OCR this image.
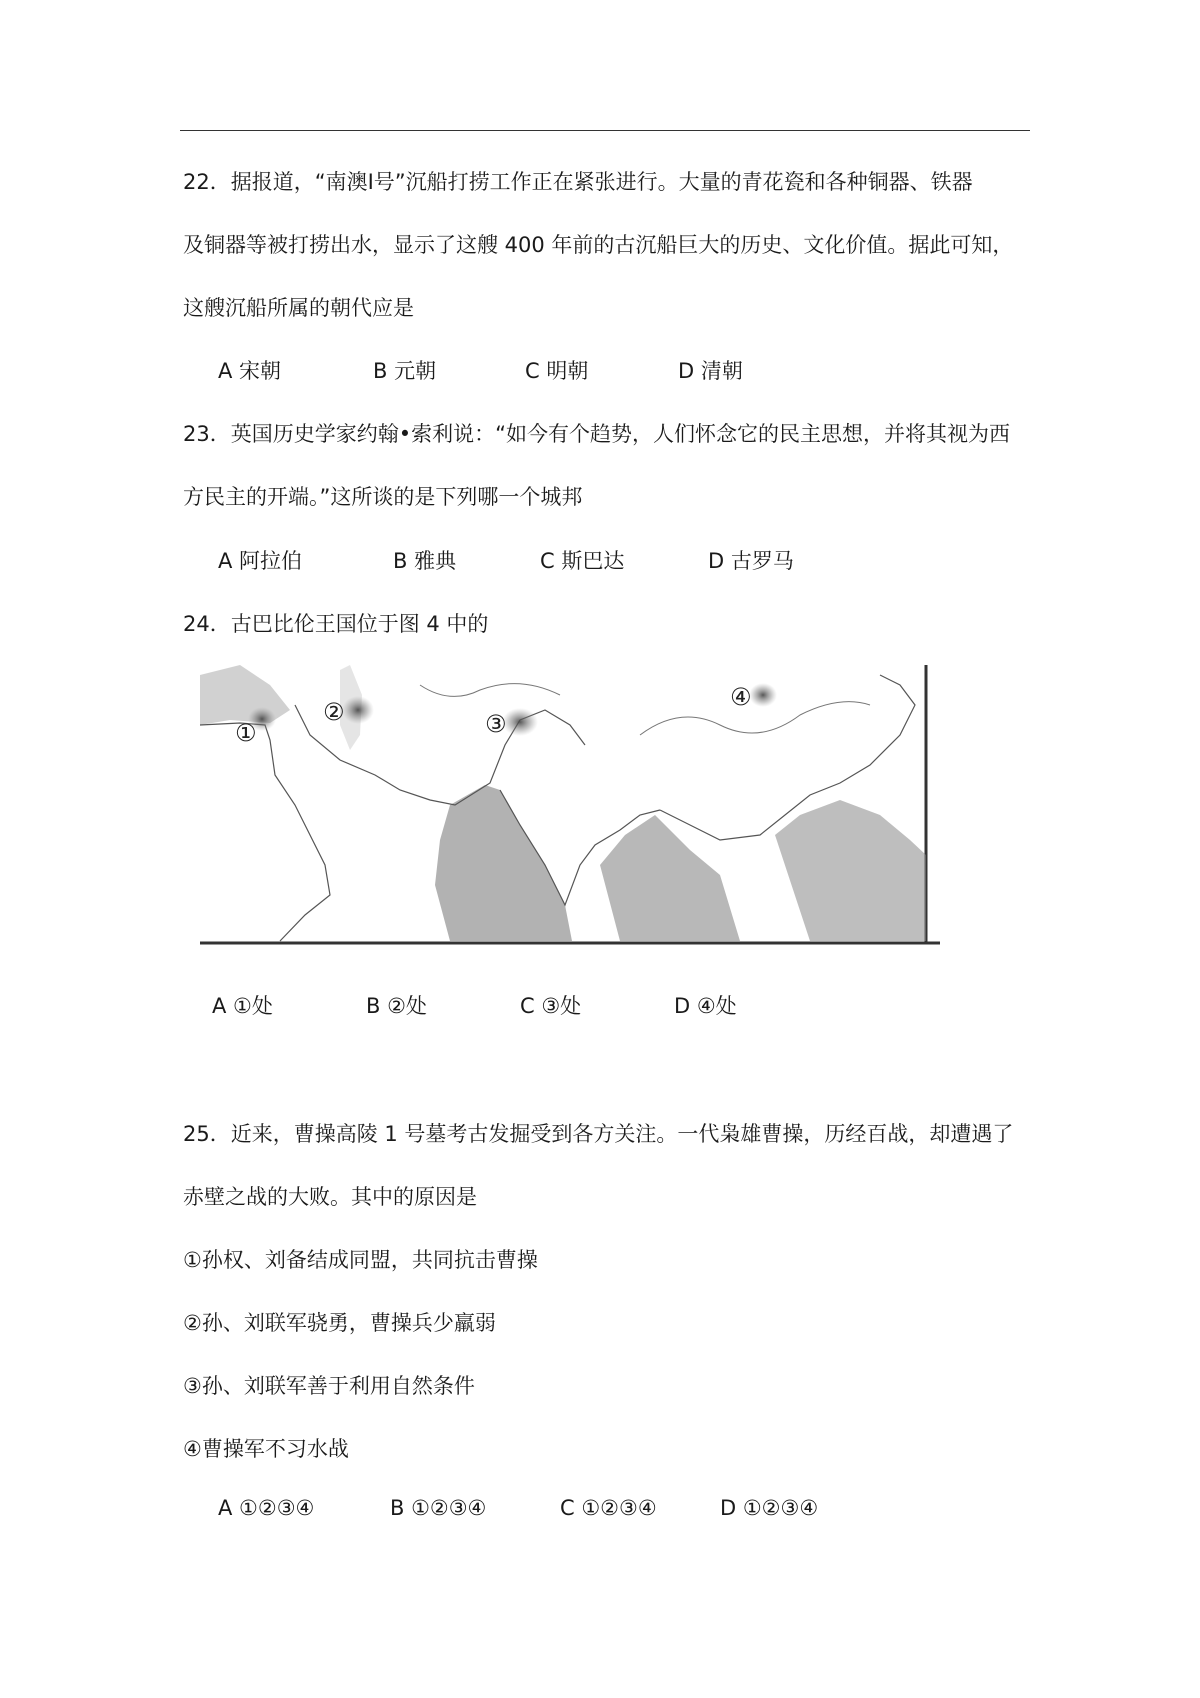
22．据报道，“南澳Ⅰ号”沉船打捞工作正在紧张进行。大量的青花瓷和各种铜器、铁器
及铜器等被打捞出水，显示了这艘 400 年前的古沉船巨大的历史、文化价值。据此可知，
这艘沉船所属的朝代应是
A 宋朝	B 元朝	C 明朝	D 清朝
23．英国历史学家约翰•索利说：“如今有个趋势，人们怀念它的民主思想，并将其视为西
方民主的开端。”这所谈的是下列哪一个城邦
A 阿拉伯	B 雅典	C 斯巴达	D 古罗马
24．古巴比伦王国位于图 4 中的
①
②	③
④
A ①处	B ②处	C ③处	D ④处
25．近来，曹操高陵 1 号墓考古发掘受到各方关注。一代枭雄曹操，历经百战，却遭遇了
赤壁之战的大败。其中的原因是
①孙权、刘备结成同盟，共同抗击曹操
②孙、刘联军骁勇，曹操兵少羸弱
③孙、刘联军善于利用自然条件
④曹操军不习水战
A ①②③④	B ①②③④	C ①②③④	D ①②③④
